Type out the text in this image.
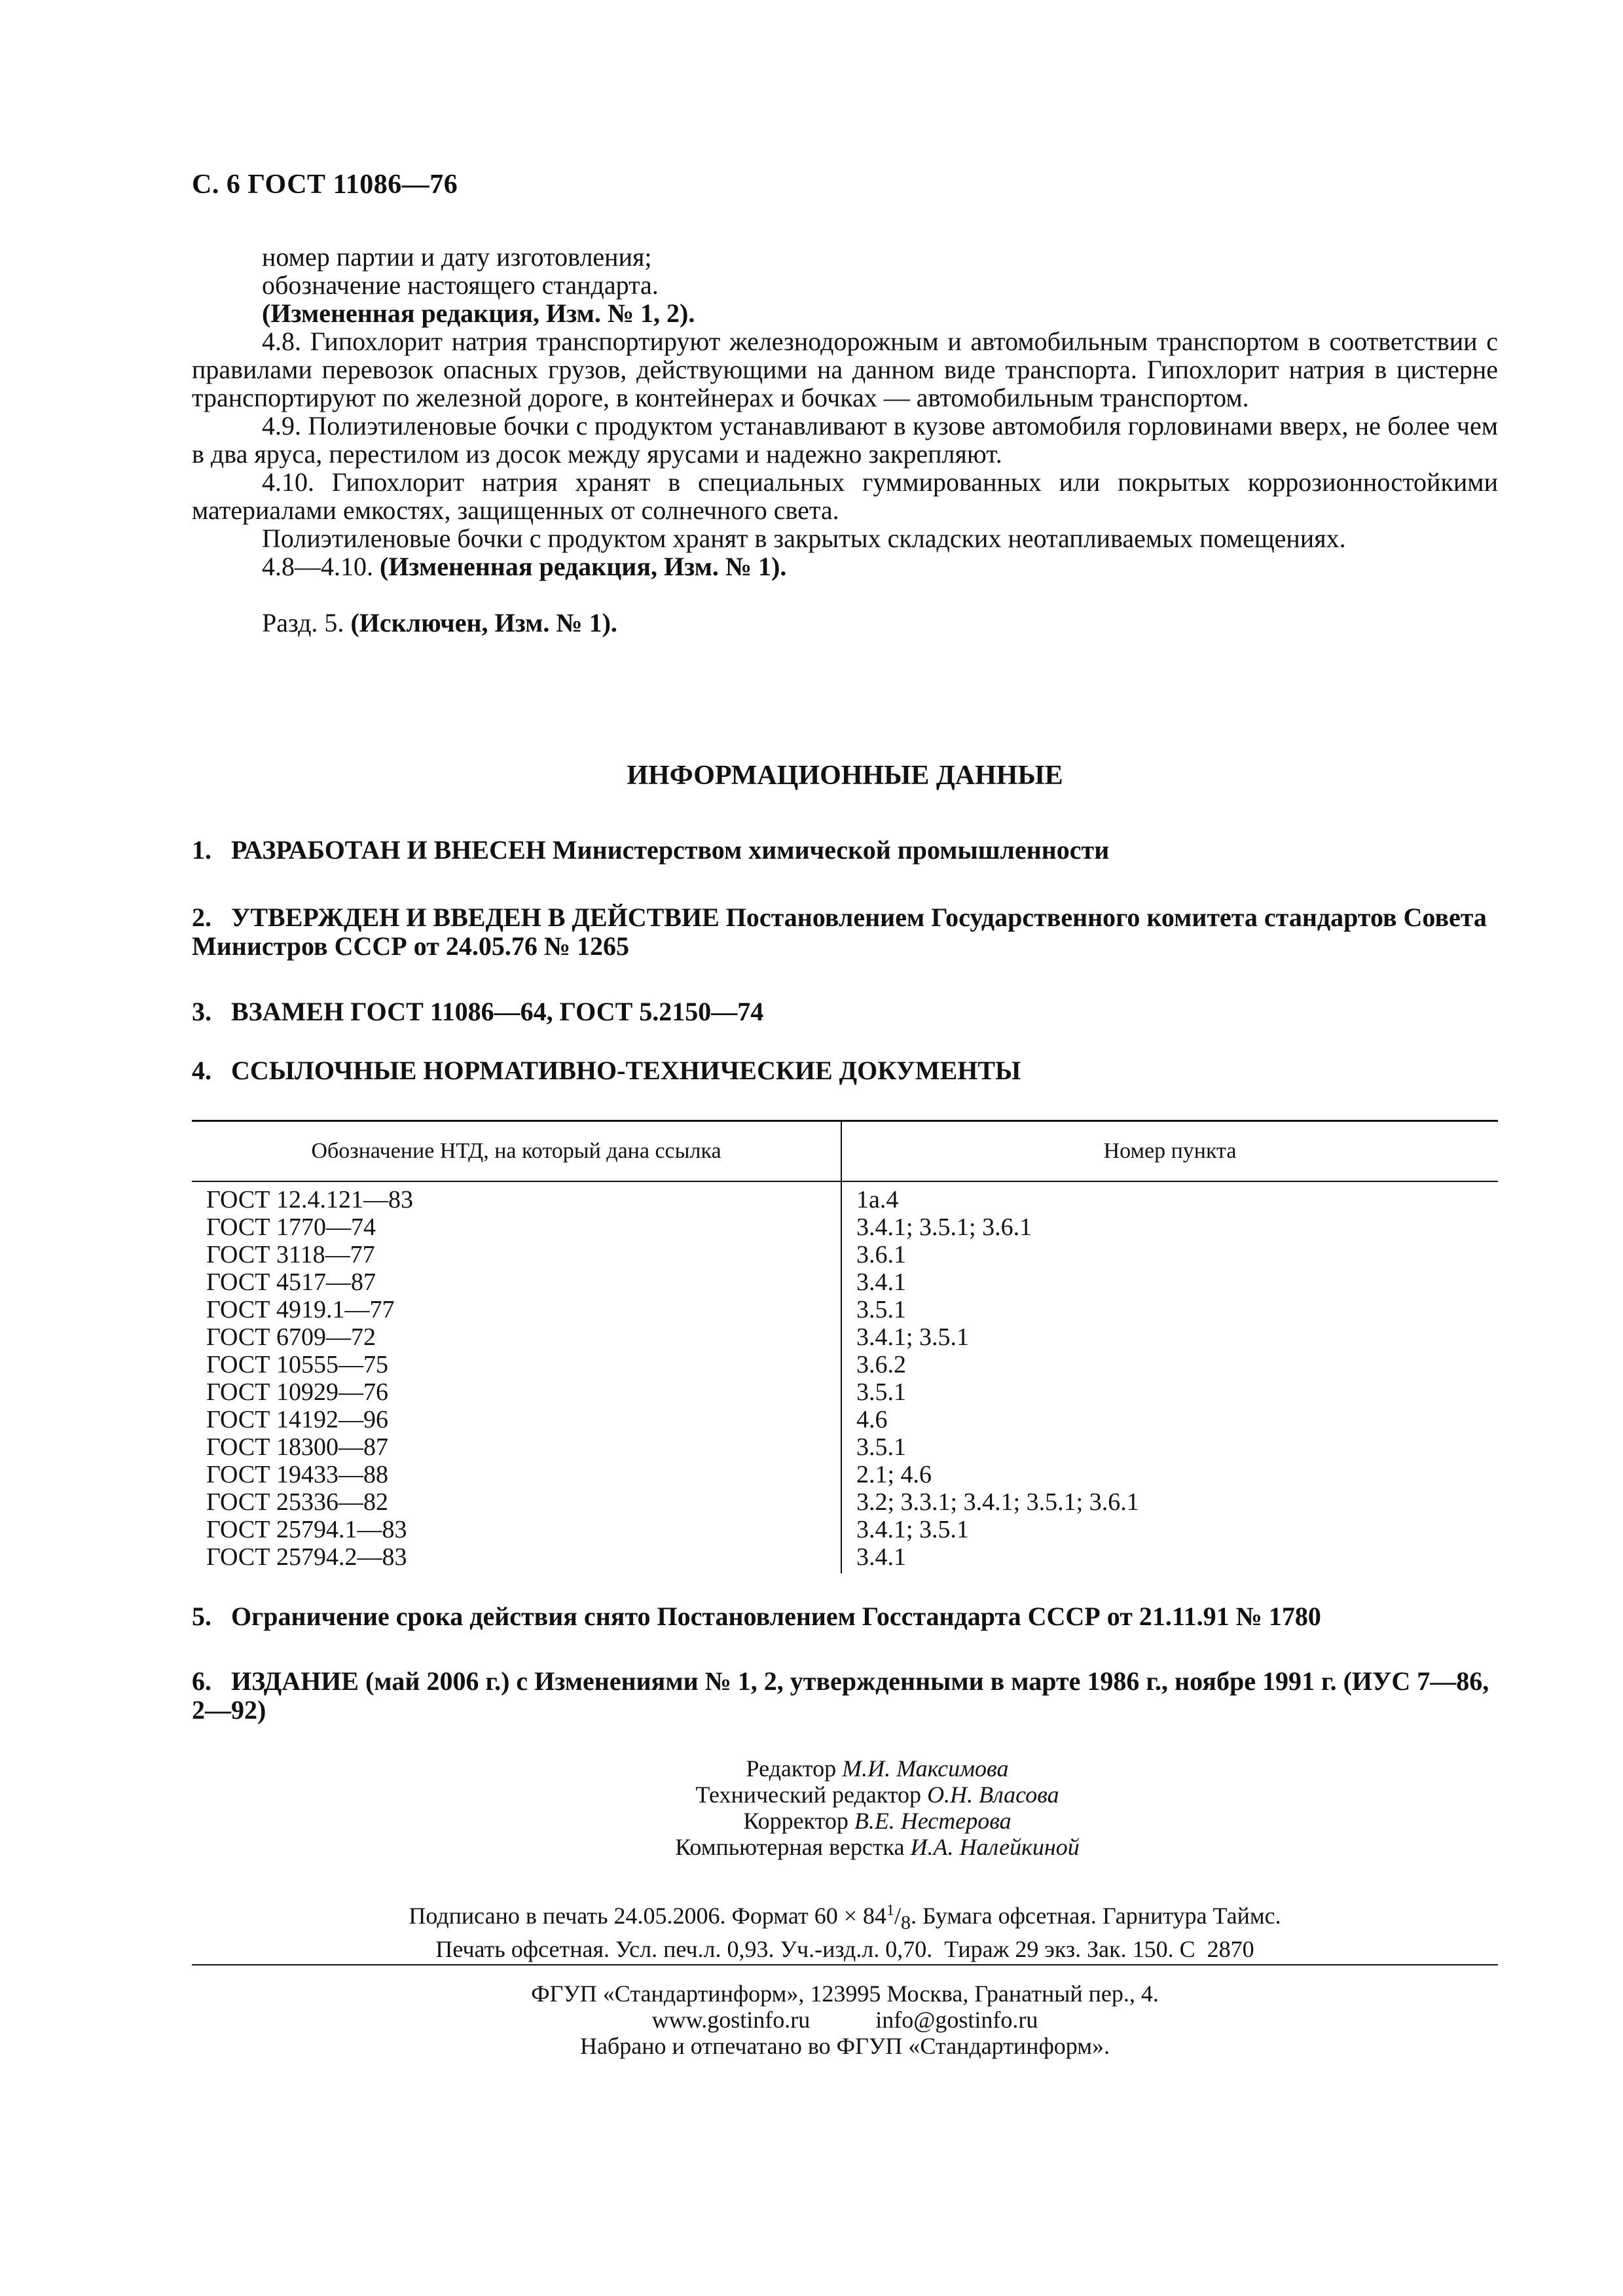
С. 6 ГОСТ 11086—76

номер партии и дату изготовления;

обозначение настоящего стандарта.

(Измененная редакция, Изм. № 1, 2).

4.8. Гипохлорит натрия транспортируют железнодорожным и автомобильным транспортом в соответствии с правилами перевозок опасных грузов, действующими на данном виде транспорта. Гипохлорит натрия в цистерне транспортируют по железной дороге, в контейнерах и бочках — автомобильным транспортом.

4.9. Полиэтиленовые бочки с продуктом устанавливают в кузове автомобиля горловинами вверх, не более чем в два яруса, перестилом из досок между ярусами и надежно закрепляют.

4.10. Гипохлорит натрия хранят в специальных гуммированных или покрытых коррозионностойкими материалами емкостях, защищенных от солнечного света.

Полиэтиленовые бочки с продуктом хранят в закрытых складских неотапливаемых помещениях.

4.8—4.10. (Измененная редакция, Изм. № 1).

Разд. 5. (Исключен, Изм. № 1).

ИНФОРМАЦИОННЫЕ ДАННЫЕ
1. РАЗРАБОТАН И ВНЕСЕН Министерством химической промышленности
2. УТВЕРЖДЕН И ВВЕДЕН В ДЕЙСТВИЕ Постановлением Государственного комитета стандартов Совета Министров СССР от 24.05.76 № 1265
3. ВЗАМЕН ГОСТ 11086—64, ГОСТ 5.2150—74
4. ССЫЛОЧНЫЕ НОРМАТИВНО-ТЕХНИЧЕСКИЕ ДОКУМЕНТЫ
Обозначение НТД, на который дана ссылка	Номер пункта
ГОСТ 12.4.121—83
ГОСТ 1770—74
ГОСТ 3118—77
ГОСТ 4517—87
ГОСТ 4919.1—77
ГОСТ 6709—72
ГОСТ 10555—75
ГОСТ 10929—76
ГОСТ 14192—96
ГОСТ 18300—87
ГОСТ 19433—88
ГОСТ 25336—82
ГОСТ 25794.1—83
ГОСТ 25794.2—83
1а.4
3.4.1; 3.5.1; 3.6.1
3.6.1
3.4.1
3.5.1
3.4.1; 3.5.1
3.6.2
3.5.1
4.6
3.5.1
2.1; 4.6
3.2; 3.3.1; 3.4.1; 3.5.1; 3.6.1
3.4.1; 3.5.1
3.4.1
5. Ограничение срока действия снято Постановлением Госстандарта СССР от 21.11.91 № 1780
6. ИЗДАНИЕ (май 2006 г.) с Изменениями № 1, 2, утвержденными в марте 1986 г., ноябре 1991 г. (ИУС 7—86, 2—92)
Редактор М.И. Максимова
Технический редактор О.Н. Власова
Корректор В.Е. Нестерова
Компьютерная верстка И.А. Налейкиной
Подписано в печать 24.05.2006. Формат $60 \times 84^1/_8$. Бумага офсетная. Гарнитура Таймс.
Печать офсетная. Усл. печ.л. 0,93. Уч.-изд.л. 0,70.  Тираж 29 экз. Зак. 150. С  2870
ФГУП «Стандартинформ», 123995 Москва, Гранатный пер., 4.
www.gostinfo.ru	info@gostinfo.ru
Набрано и отпечатано во ФГУП «Стандартинформ».
